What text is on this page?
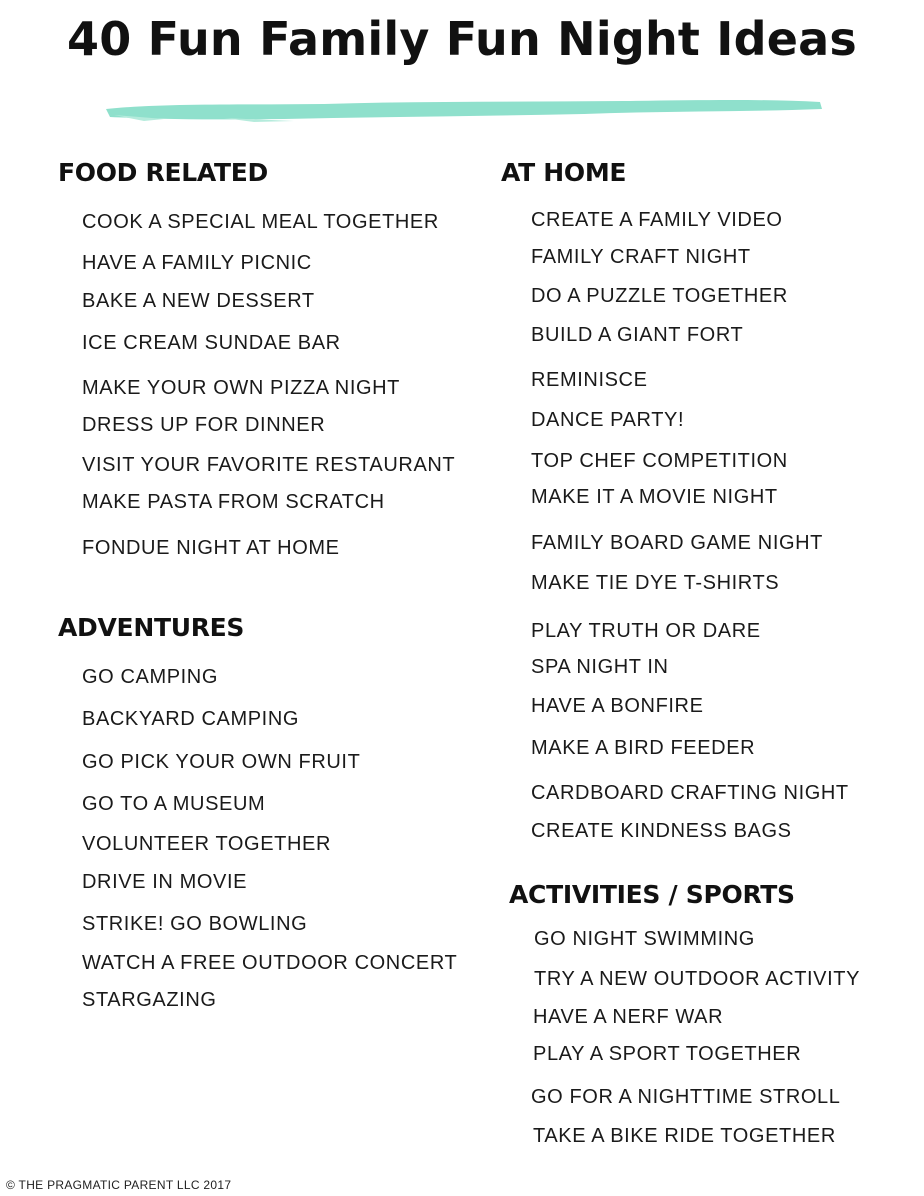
40 Fun Family Fun Night Ideas
FOOD RELATED
COOK A SPECIAL MEAL TOGETHER
HAVE A FAMILY PICNIC
BAKE A NEW DESSERT
ICE CREAM SUNDAE BAR
MAKE YOUR OWN PIZZA NIGHT
DRESS UP FOR DINNER
VISIT YOUR FAVORITE RESTAURANT
MAKE PASTA FROM SCRATCH
FONDUE NIGHT AT HOME
ADVENTURES
GO CAMPING
BACKYARD CAMPING
GO PICK YOUR OWN FRUIT
GO TO A MUSEUM
VOLUNTEER TOGETHER
DRIVE IN MOVIE
STRIKE! GO BOWLING
WATCH A FREE OUTDOOR CONCERT
STARGAZING
AT HOME
CREATE A FAMILY VIDEO
FAMILY CRAFT NIGHT
DO A PUZZLE TOGETHER
BUILD A GIANT FORT
REMINISCE
DANCE PARTY!
TOP CHEF COMPETITION
MAKE IT A MOVIE NIGHT
FAMILY BOARD GAME NIGHT
MAKE TIE DYE T-SHIRTS
PLAY TRUTH OR DARE
SPA NIGHT IN
HAVE A BONFIRE
MAKE A BIRD FEEDER
CARDBOARD CRAFTING NIGHT
CREATE KINDNESS BAGS
ACTIVITIES / SPORTS
GO NIGHT SWIMMING
TRY A NEW OUTDOOR ACTIVITY
HAVE A NERF WAR
PLAY A SPORT TOGETHER
GO FOR A NIGHTTIME STROLL
TAKE A BIKE RIDE TOGETHER
© THE PRAGMATIC PARENT LLC 2017
